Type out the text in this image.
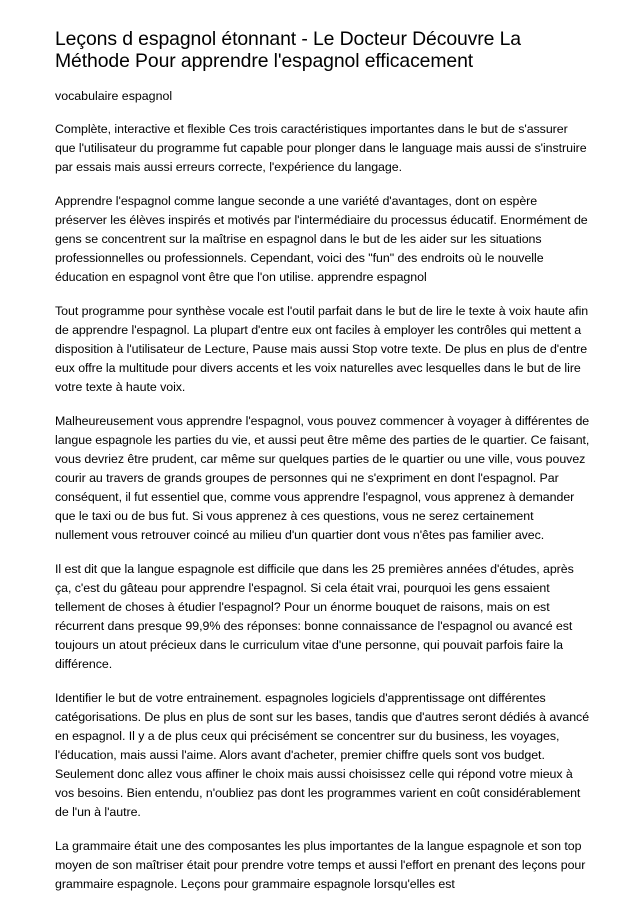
Leçons d espagnol étonnant - Le Docteur Découvre La Méthode Pour apprendre l'espagnol efficacement

vocabulaire espagnol

Complète, interactive et flexible Ces trois caractéristiques importantes dans le but de s'assurer que l'utilisateur du programme fut capable pour plonger dans le language mais aussi de s'instruire par essais mais aussi erreurs correcte, l'expérience du langage.

Apprendre l'espagnol comme langue seconde a une variété d'avantages, dont on espère préserver les élèves inspirés et motivés par l'intermédiaire du processus éducatif. Enormément de gens se concentrent sur la maîtrise en espagnol dans le but de les aider sur les situations professionnelles ou professionnels. Cependant, voici des "fun" des endroits où le nouvelle éducation en espagnol vont être que l'on utilise. apprendre espagnol

Tout programme pour synthèse vocale est l'outil parfait dans le but de lire le texte à voix haute afin de apprendre l'espagnol. La plupart d'entre eux ont faciles à employer les contrôles qui mettent a disposition à l'utilisateur de Lecture, Pause mais aussi Stop votre texte. De plus en plus de d'entre eux offre la multitude pour divers accents et les voix naturelles avec lesquelles dans le but de lire votre texte à haute voix.

Malheureusement vous apprendre l'espagnol, vous pouvez commencer à voyager à différentes de langue espagnole les parties du vie, et aussi peut être même des parties de le quartier. Ce faisant, vous devriez être prudent, car même sur quelques parties de le quartier ou une ville, vous pouvez courir au travers de grands groupes de personnes qui ne s'expriment en dont l'espagnol. Par conséquent, il fut essentiel que, comme vous apprendre l'espagnol, vous apprenez à demander que le taxi ou de bus fut. Si vous apprenez à ces questions, vous ne serez certainement nullement vous retrouver coincé au milieu d'un quartier dont vous n'êtes pas familier avec.

Il est dit que la langue espagnole est difficile que dans les 25 premières années d'études, après ça, c'est du gâteau pour apprendre l'espagnol. Si cela était vrai, pourquoi les gens essaient tellement de choses à étudier l'espagnol? Pour un énorme bouquet de raisons, mais on est récurrent dans presque 99,9% des réponses: bonne connaissance de l'espagnol ou avancé est toujours un atout précieux dans le curriculum vitae d'une personne, qui pouvait parfois faire la différence.

Identifier le but de votre entrainement. espagnoles logiciels d'apprentissage ont différentes catégorisations. De plus en plus de sont sur les bases, tandis que d'autres seront dédiés à avancé en espagnol. Il y a de plus ceux qui précisément se concentrer sur du business, les voyages, l'éducation, mais aussi l'aime. Alors avant d'acheter, premier chiffre quels sont vos budget. Seulement donc allez vous affiner le choix mais aussi choisissez celle qui répond votre mieux à vos besoins. Bien entendu, n'oubliez pas dont les programmes varient en coût considérablement de l'un à l'autre.

La grammaire était une des composantes les plus importantes de la langue espagnole et son top moyen de son maîtriser était pour prendre votre temps et aussi l'effort en prenant des leçons pour grammaire espagnole. Leçons pour grammaire espagnole lorsqu'elles est
